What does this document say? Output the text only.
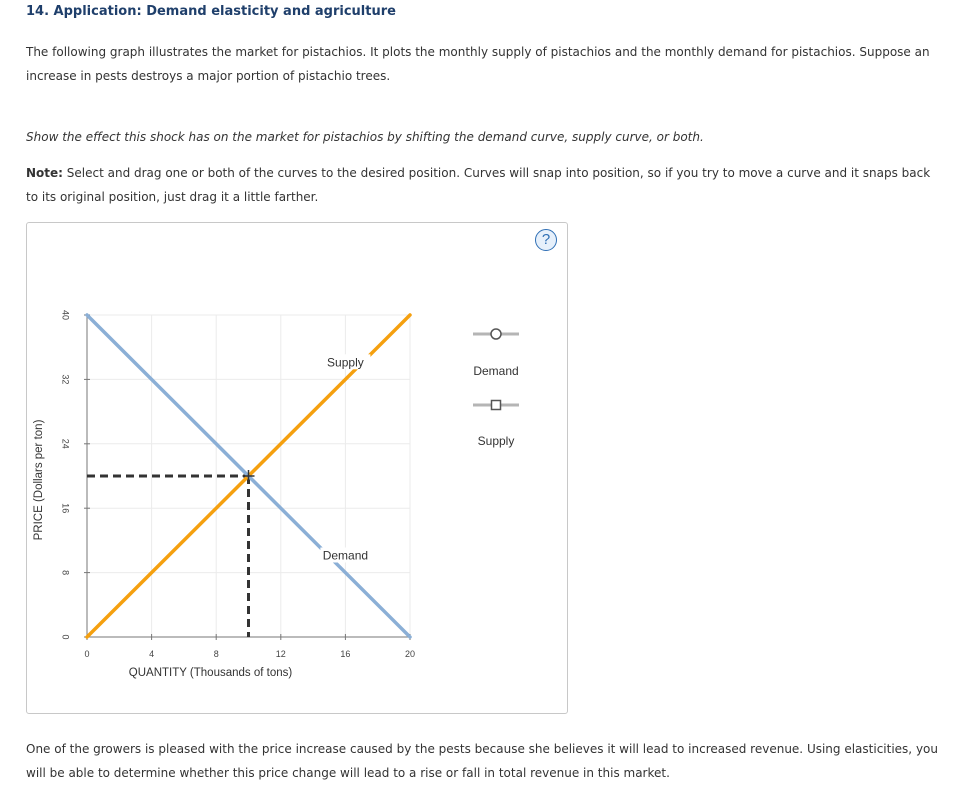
14. Application: Demand elasticity and agriculture
The following graph illustrates the market for pistachios. It plots the monthly supply of pistachios and the monthly demand for pistachios. Suppose an increase in pests destroys a major portion of pistachio trees.
Show the effect this shock has on the market for pistachios by shifting the demand curve, supply curve, or both.
Note: Select and drag one or both of the curves to the desired position. Curves will snap into position, so if you try to move a curve and it snaps back to its original position, just drag it a little farther.
?
0	4	8	12	16	20
0
8
16
24
32
40
QUANTITY (Thousands of tons)
PRICE (Dollars per ton)
Supply
Demand
Demand
Supply
One of the growers is pleased with the price increase caused by the pests because she believes it will lead to increased revenue. Using elasticities, you will be able to determine whether this price change will lead to a rise or fall in total revenue in this market.
